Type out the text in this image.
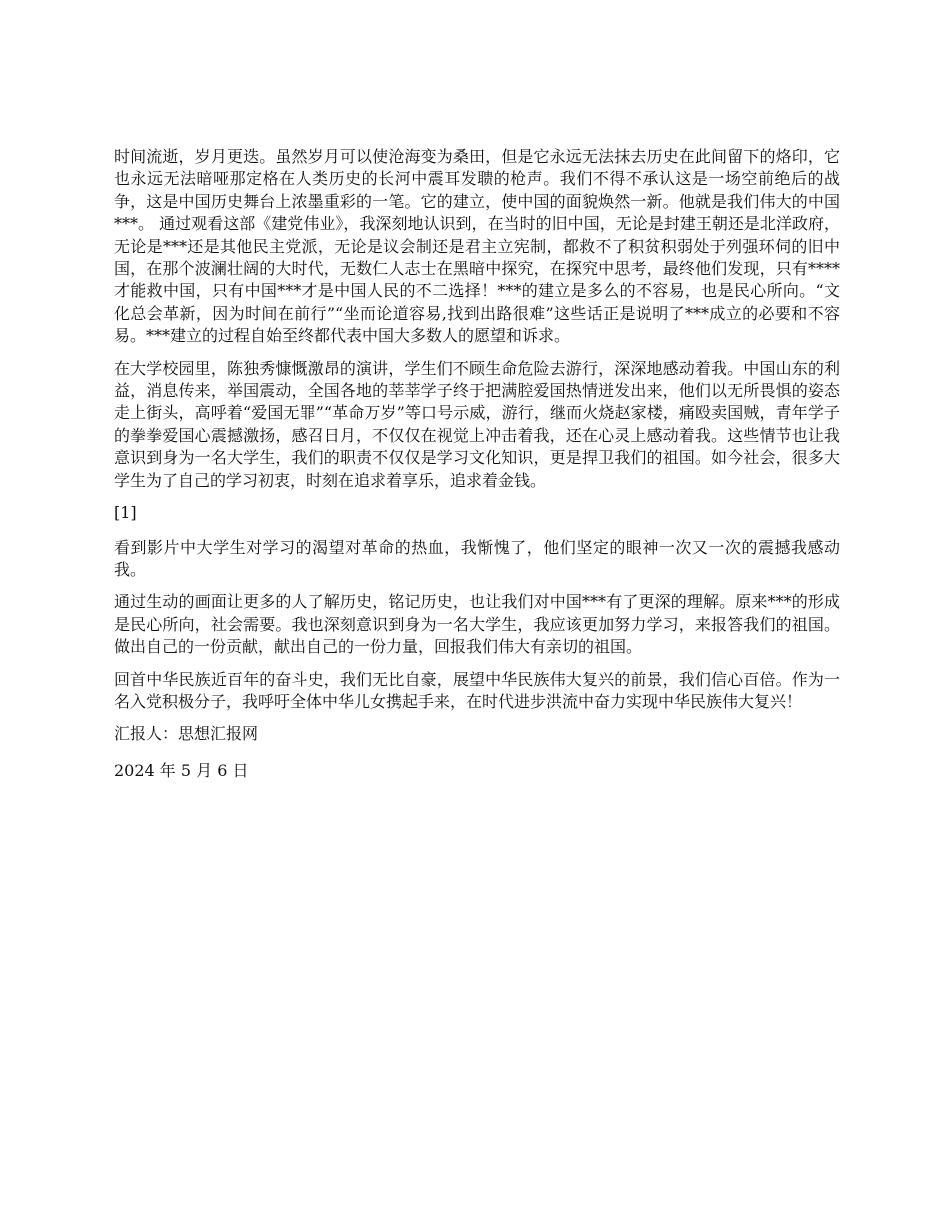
时间流逝，岁月更迭。虽然岁月可以使沧海变为桑田，但是它永远无法抹去历史在此间留下的烙印，它也永远无法暗哑那定格在人类历史的长河中震耳发聩的枪声。我们不得不承认这是一场空前绝后的战争，这是中国历史舞台上浓墨重彩的一笔。它的建立，使中国的面貌焕然一新。他就是我们伟大的中国***。 通过观看这部《建党伟业》，我深刻地认识到，在当时的旧中国，无论是封建王朝还是北洋政府，无论是***还是其他民主党派，无论是议会制还是君主立宪制，都救不了积贫积弱处于列强环伺的旧中国，在那个波澜壮阔的大时代，无数仁人志士在黑暗中探究，在探究中思考，最终他们发现，只有****才能救中国，只有中国***才是中国人民的不二选择！***的建立是多么的不容易，也是民心所向。“文化总会革新，因为时间在前行”“坐而论道容易,找到出路很难”这些话正是说明了***成立的必要和不容易。***建立的过程自始至终都代表中国大多数人的愿望和诉求。

在大学校园里，陈独秀慷慨激昂的演讲，学生们不顾生命危险去游行，深深地感动着我。中国山东的利益，消息传来，举国震动，全国各地的莘莘学子终于把满腔爱国热情迸发出来，他们以无所畏惧的姿态走上街头，高呼着“爱国无罪”“革命万岁”等口号示威，游行，继而火烧赵家楼，痛殴卖国贼，青年学子的拳拳爱国心震撼激扬，感召日月，不仅仅在视觉上冲击着我，还在心灵上感动着我。这些情节也让我意识到身为一名大学生，我们的职责不仅仅是学习文化知识，更是捍卫我们的祖国。如今社会，很多大学生为了自己的学习初衷，时刻在追求着享乐，追求着金钱。

[1]

看到影片中大学生对学习的渴望对革命的热血，我惭愧了，他们坚定的眼神一次又一次的震撼我感动我。

通过生动的画面让更多的人了解历史，铭记历史，也让我们对中国***有了更深的理解。原来***的形成是民心所向，社会需要。我也深刻意识到身为一名大学生，我应该更加努力学习，来报答我们的祖国。做出自己的一份贡献，献出自己的一份力量，回报我们伟大有亲切的祖国。

回首中华民族近百年的奋斗史，我们无比自豪，展望中华民族伟大复兴的前景，我们信心百倍。作为一名入党积极分子，我呼吁全体中华儿女携起手来，在时代进步洪流中奋力实现中华民族伟大复兴！

汇报人：思想汇报网

2024 年 5 月 6 日
